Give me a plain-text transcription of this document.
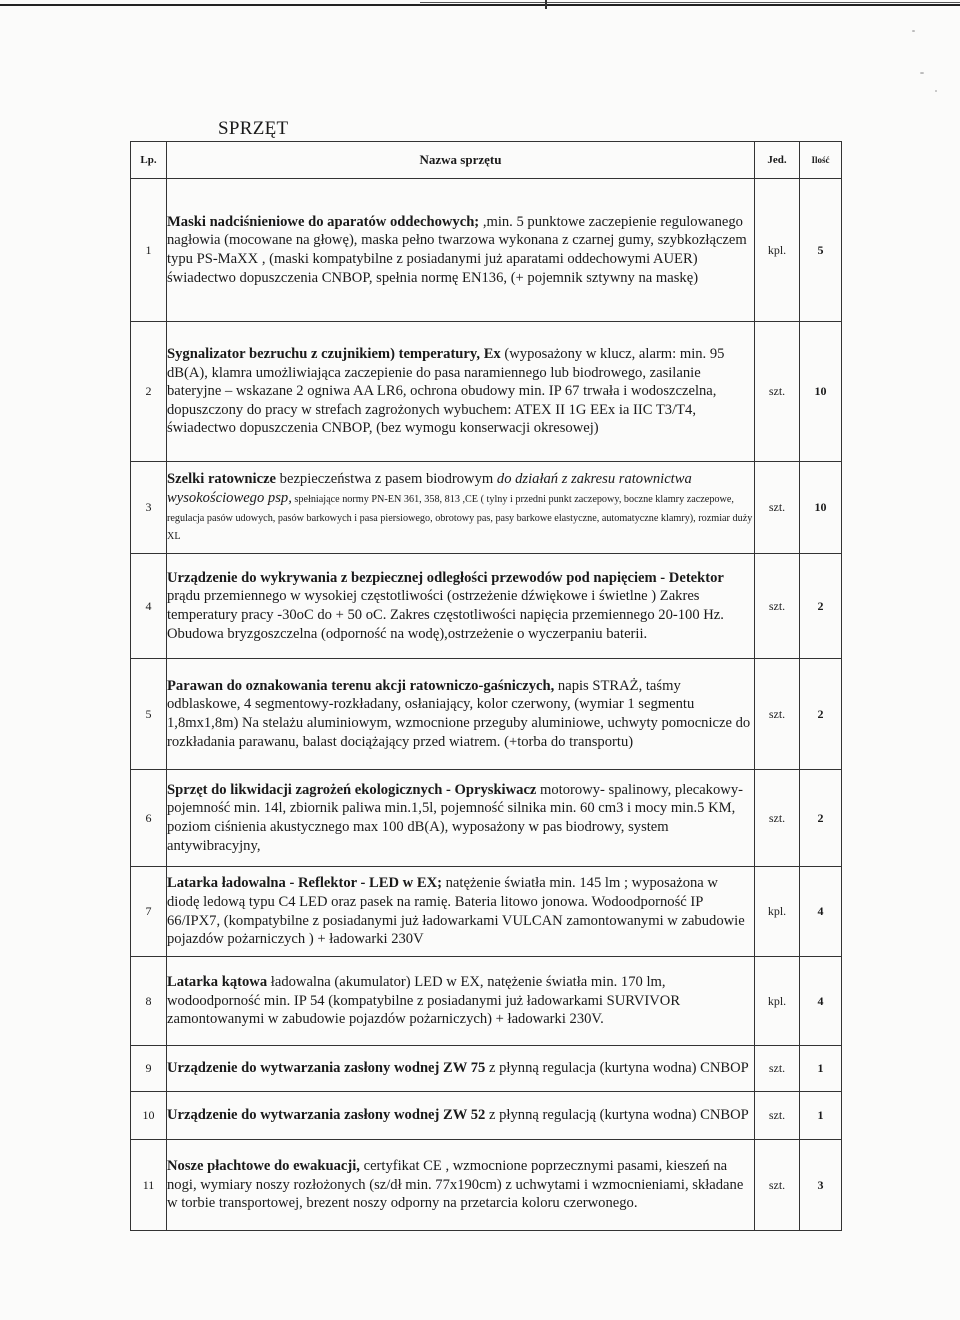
SPRZĘT
Lp.	Nazwa sprzętu	Jed.	Ilość
1	Maski nadciśnieniowe do aparatów oddechowych; ,min. 5 punktowe zaczepienie regulowanego nagłowia (mocowane na głowę), maska pełno twarzowa wykonana z czarnej gumy, szybkozłączem typu PS-MaXX , (maski kompatybilne z posiadanymi już aparatami oddechowymi AUER) świadectwo dopuszczenia CNBOP, spełnia normę EN136, (+ pojemnik sztywny na maskę)	kpl.	5
2	Sygnalizator bezruchu z czujnikiem) temperatury, Ex (wyposażony w klucz, alarm: min. 95 dB(A), klamra umożliwiająca zaczepienie do pasa naramiennego lub biodrowego, zasilanie bateryjne – wskazane 2 ogniwa AA LR6, ochrona obudowy min. IP 67 trwała i wodoszczelna, dopuszczony do pracy w strefach zagrożonych wybuchem: ATEX II 1G EEx ia IIC T3/T4, świadectwo dopuszczenia CNBOP, (bez wymogu konserwacji okresowej)	szt.	10
3	Szelki ratownicze bezpieczeństwa z pasem biodrowym do działań z zakresu ratownictwa wysokościowego psp, spełniające normy PN-EN 361, 358, 813 ,CE ( tylny i przedni punkt zaczepowy, boczne klamry zaczepowe, regulacja pasów udowych, pasów barkowych i pasa piersiowego, obrotowy pas, pasy barkowe elastyczne, automatyczne klamry), rozmiar duży XL	szt.	10
4	Urządzenie do wykrywania z bezpiecznej odległości przewodów pod napięciem - Detektor prądu przemiennego w wysokiej częstotliwości (ostrzeżenie dźwiękowe i świetlne ) Zakres temperatury pracy -30oC do + 50 oC. Zakres częstotliwości napięcia przemiennego 20-100 Hz. Obudowa bryzgoszczelna (odporność na wodę),ostrzeżenie o wyczerpaniu baterii.	szt.	2
5	Parawan do oznakowania terenu akcji ratowniczo-gaśniczych, napis STRAŻ, taśmy odblaskowe, 4 segmentowy-rozkładany, osłaniający, kolor czerwony, (wymiar 1 segmentu 1,8mx1,8m) Na stelażu aluminiowym, wzmocnione przeguby aluminiowe, uchwyty pomocnicze do rozkładania parawanu, balast dociążający przed wiatrem. (+torba do transportu)	szt.	2
6	Sprzęt do likwidacji zagrożeń ekologicznych - Opryskiwacz motorowy- spalinowy, plecakowy-pojemność min. 14l, zbiornik paliwa min.1,5l, pojemność silnika min. 60 cm3 i mocy min.5 KM, poziom ciśnienia akustycznego max 100 dB(A), wyposażony w pas biodrowy, system antywibracyjny,	szt.	2
7	Latarka ładowalna - Reflektor - LED w EX; natężenie światła min. 145 lm ; wyposażona w diodę ledową typu C4 LED oraz pasek na ramię. Bateria litowo jonowa. Wodoodporność IP 66/IPX7, (kompatybilne z posiadanymi już ładowarkami VULCAN zamontowanymi w zabudowie pojazdów pożarniczych ) + ładowarki 230V	kpl.	4
8	Latarka kątowa ładowalna (akumulator) LED w EX, natężenie światła min. 170 lm, wodoodporność min. IP 54 (kompatybilne z posiadanymi już ładowarkami SURVIVOR zamontowanymi w zabudowie pojazdów pożarniczych) + ładowarki 230V.	kpl.	4
9	Urządzenie do wytwarzania zasłony wodnej ZW 75 z płynną regulacja (kurtyna wodna) CNBOP	szt.	1
10	Urządzenie do wytwarzania zasłony wodnej ZW 52 z płynną regulacją (kurtyna wodna) CNBOP	szt.	1
11	Nosze płachtowe do ewakuacji, certyfikat CE , wzmocnione poprzecznymi pasami, kieszeń na nogi, wymiary noszy rozłożonych (sz/dł min. 77x190cm) z uchwytami i wzmocnieniami, składane w torbie transportowej, brezent noszy odporny na przetarcia koloru czerwonego.	szt.	3
